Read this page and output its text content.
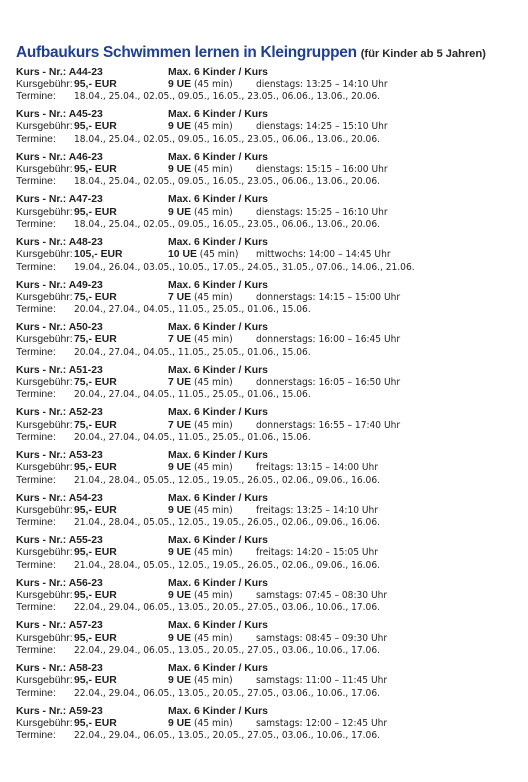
Aufbaukurs Schwimmen lernen in Kleingruppen (für Kinder ab 5 Jahren)
Kurs - Nr.: A44-23	Max. 6 Kinder / Kurs
Kursgebühr: 95,- EUR	9 UE (45 min) dienstags: 13:25 – 14:10 Uhr
Termine: 18.04., 25.04., 02.05., 09.05., 16.05., 23.05., 06.06., 13.06., 20.06.
Kurs - Nr.: A45-23	Max. 6 Kinder / Kurs
Kursgebühr: 95,- EUR	9 UE (45 min) dienstags: 14:25 – 15:10 Uhr
Termine: 18.04., 25.04., 02.05., 09.05., 16.05., 23.05., 06.06., 13.06., 20.06.
Kurs - Nr.: A46-23	Max. 6 Kinder / Kurs
Kursgebühr: 95,- EUR	9 UE (45 min) dienstags: 15:15 – 16:00 Uhr
Termine: 18.04., 25.04., 02.05., 09.05., 16.05., 23.05., 06.06., 13.06., 20.06.
Kurs - Nr.: A47-23	Max. 6 Kinder / Kurs
Kursgebühr: 95,- EUR	9 UE (45 min) dienstags: 15:25 – 16:10 Uhr
Termine: 18.04., 25.04., 02.05., 09.05., 16.05., 23.05., 06.06., 13.06., 20.06.
Kurs - Nr.: A48-23	Max. 6 Kinder / Kurs
Kursgebühr: 105,- EUR	10 UE (45 min) mittwochs: 14:00 – 14:45 Uhr
Termine: 19.04., 26.04., 03.05., 10.05., 17.05., 24.05., 31.05., 07.06., 14.06., 21.06.
Kurs - Nr.: A49-23	Max. 6 Kinder / Kurs
Kursgebühr: 75,- EUR	7 UE (45 min) donnerstags: 14:15 – 15:00 Uhr
Termine: 20.04., 27.04., 04.05., 11.05., 25.05., 01.06., 15.06.
Kurs - Nr.: A50-23	Max. 6 Kinder / Kurs
Kursgebühr: 75,- EUR	7 UE (45 min) donnerstags: 16:00 – 16:45 Uhr
Termine: 20.04., 27.04., 04.05., 11.05., 25.05., 01.06., 15.06.
Kurs - Nr.: A51-23	Max. 6 Kinder / Kurs
Kursgebühr: 75,- EUR	7 UE (45 min) donnerstags: 16:05 – 16:50 Uhr
Termine: 20.04., 27.04., 04.05., 11.05., 25.05., 01.06., 15.06.
Kurs - Nr.: A52-23	Max. 6 Kinder / Kurs
Kursgebühr: 75,- EUR	7 UE (45 min) donnerstags: 16:55 – 17:40 Uhr
Termine: 20.04., 27.04., 04.05., 11.05., 25.05., 01.06., 15.06.
Kurs - Nr.: A53-23	Max. 6 Kinder / Kurs
Kursgebühr: 95,- EUR	9 UE (45 min) freitags: 13:15 – 14:00 Uhr
Termine: 21.04., 28.04., 05.05., 12.05., 19.05., 26.05., 02.06., 09.06., 16.06.
Kurs - Nr.: A54-23	Max. 6 Kinder / Kurs
Kursgebühr: 95,- EUR	9 UE (45 min) freitags: 13:25 – 14:10 Uhr
Termine: 21.04., 28.04., 05.05., 12.05., 19.05., 26.05., 02.06., 09.06., 16.06.
Kurs - Nr.: A55-23	Max. 6 Kinder / Kurs
Kursgebühr: 95,- EUR	9 UE (45 min) freitags: 14:20 – 15:05 Uhr
Termine: 21.04., 28.04., 05.05., 12.05., 19.05., 26.05., 02.06., 09.06., 16.06.
Kurs - Nr.: A56-23	Max. 6 Kinder / Kurs
Kursgebühr: 95,- EUR	9 UE (45 min) samstags: 07:45 – 08:30 Uhr
Termine: 22.04., 29.04., 06.05., 13.05., 20.05., 27.05., 03.06., 10.06., 17.06.
Kurs - Nr.: A57-23	Max. 6 Kinder / Kurs
Kursgebühr: 95,- EUR	9 UE (45 min) samstags: 08:45 – 09:30 Uhr
Termine: 22.04., 29.04., 06.05., 13.05., 20.05., 27.05., 03.06., 10.06., 17.06.
Kurs - Nr.: A58-23	Max. 6 Kinder / Kurs
Kursgebühr: 95,- EUR	9 UE (45 min) samstags: 11:00 – 11:45 Uhr
Termine: 22.04., 29.04., 06.05., 13.05., 20.05., 27.05., 03.06., 10.06., 17.06.
Kurs - Nr.: A59-23	Max. 6 Kinder / Kurs
Kursgebühr: 95,- EUR	9 UE (45 min) samstags: 12:00 – 12:45 Uhr
Termine: 22.04., 29.04., 06.05., 13.05., 20.05., 27.05., 03.06., 10.06., 17.06.
